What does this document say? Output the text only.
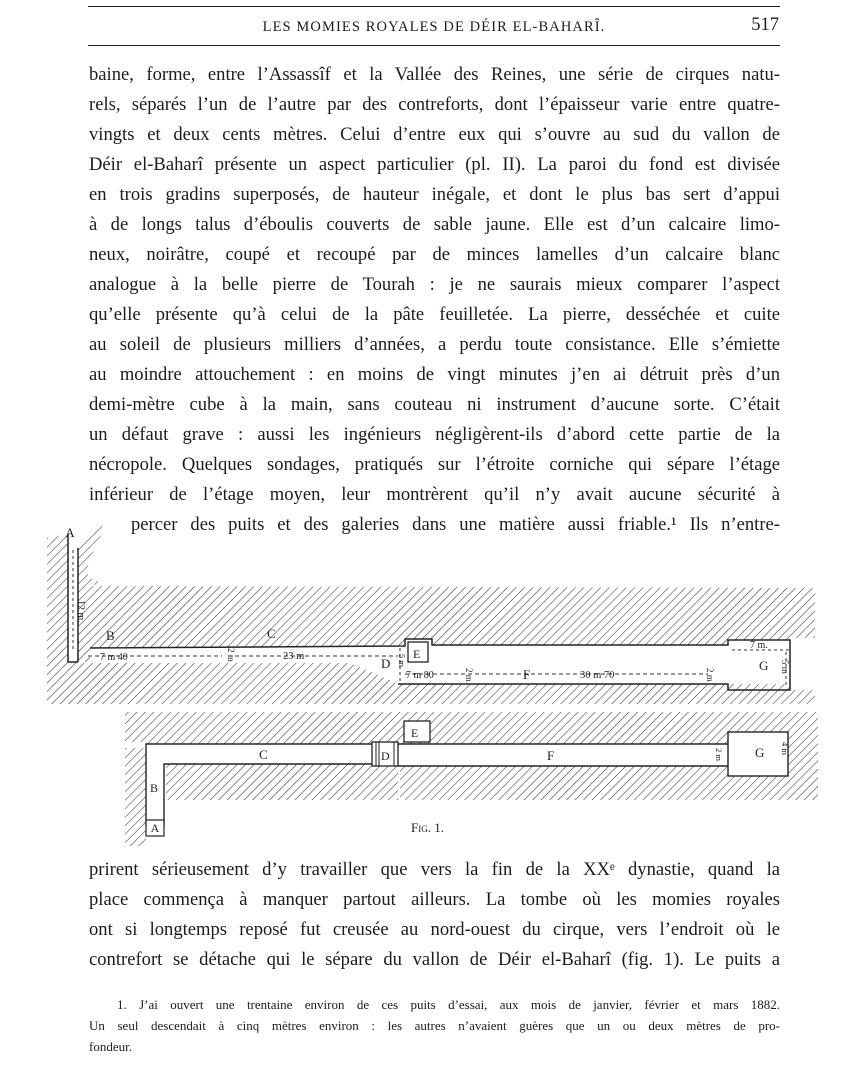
LES MOMIES ROYALES DE DÉIR EL-BAHARÎ.	517
baine, forme, entre l’Assassîf et la Vallée des Reines, une série de cirques natu-
rels, séparés l’un de l’autre par des contreforts, dont l’épaisseur varie entre quatre-
vingts et deux cents mètres. Celui d’entre eux qui s’ouvre au sud du vallon de
Déir el-Baharî présente un aspect particulier (pl. II). La paroi du fond est divisée
en trois gradins superposés, de hauteur inégale, et dont le plus bas sert d’appui
à de longs talus d’éboulis couverts de sable jaune. Elle est d’un calcaire limo-
neux, noirâtre, coupé et recoupé par de minces lamelles d’un calcaire blanc
analogue à la belle pierre de Tourah : je ne saurais mieux comparer l’aspect
qu’elle présente qu’à celui de la pâte feuilletée. La pierre, desséchée et cuite
au soleil de plusieurs milliers d’années, a perdu toute consistance. Elle s’émiette
au moindre attouchement : en moins de vingt minutes j’en ai détruit près d’un
demi-mètre cube à la main, sans couteau ni instrument d’aucune sorte. C’était
un défaut grave : aussi les ingénieurs négligèrent-ils d’abord cette partie de la
nécropole. Quelques sondages, pratiqués sur l’étroite corniche qui sépare l’étage
inférieur de l’étage moyen, leur montrèrent qu’il n’y avait aucune sécurité à
percer des puits et des galeries dans une matière aussi friable.¹ Ils n’entre-
A
B	C
D
E
F
G
12 m.
7 m 40	2 m	23 m	5 m
7 m 80	2 m	30 m 70	2 m
7 m.
5 m
A
B
C	D
E
F	G
2 m	4 m
Fig. 1.
prirent sérieusement d’y travailler que vers la fin de la XXᵉ dynastie, quand la
place commença à manquer partout ailleurs. La tombe où les momies royales
ont si longtemps reposé fut creusée au nord-ouest du cirque, vers l’endroit où le
contrefort se détache qui le sépare du vallon de Déir el-Baharî (fig. 1). Le puits a
1. J’ai ouvert une trentaine environ de ces puits d’essai, aux mois de janvier, février et mars 1882.
Un seul descendait à cinq mètres environ : les autres n’avaient guères que un ou deux mètres de pro-
fondeur.
